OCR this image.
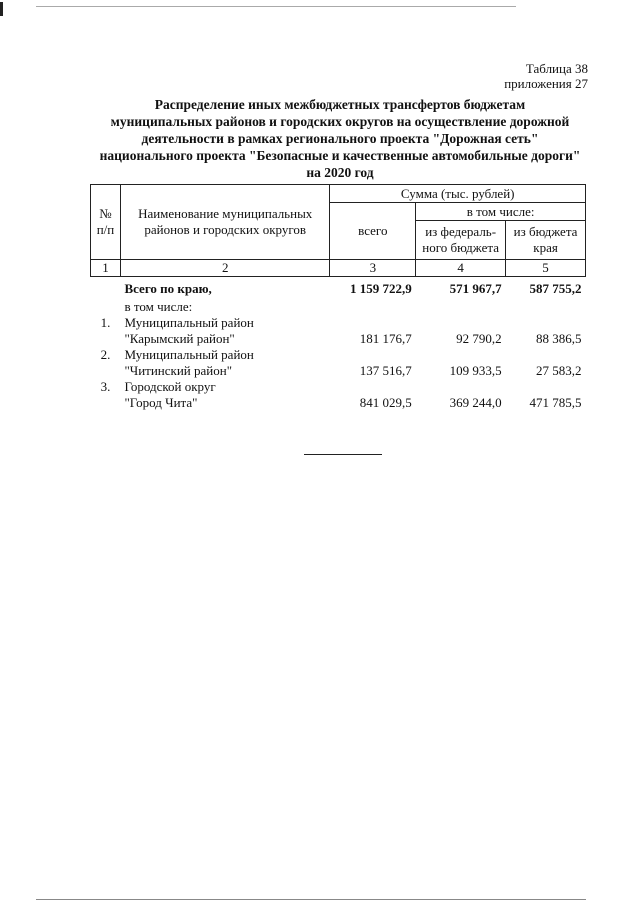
Таблица 38
приложения 27
Распределение иных межбюджетных трансфертов бюджетам
муниципальных районов и городских округов на осуществление дорожной
деятельности в рамках регионального проекта "Дорожная сеть"
национального проекта "Безопасные и качественные автомобильные дороги"
на 2020 год
№ п/п	Наименование муниципальных районов и городских округов	Сумма (тыс. рублей)		
		всего	в том числе:	
			из федераль-ного бюджета	из бюджета края
1	2	3	4	5
	Всего по краю,	1 159 722,9	571 967,7	587 755,2
	в том числе:			
1.	Муниципальный район			
	"Карымский район"	181 176,7	92 790,2	88 386,5
2.	Муниципальный район			
	"Читинский район"	137 516,7	109 933,5	27 583,2
3.	Городской округ			
	"Город Чита"	841 029,5	369 244,0	471 785,5
